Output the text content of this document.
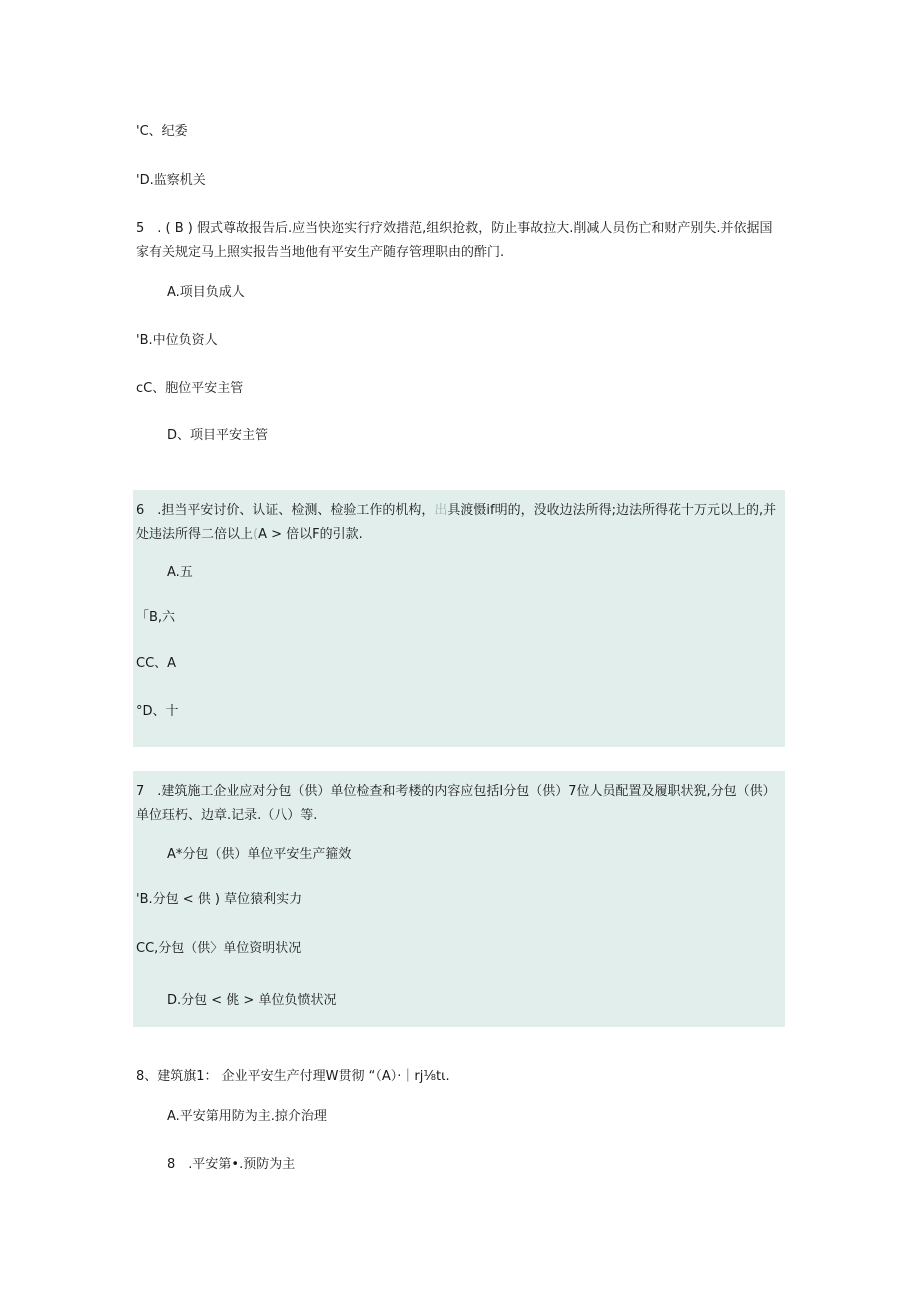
'C、纪委
'D.监察机关
5　. ( B ) 假式尊故报告后.应当快迩实行疗效措范,组织抢救，防止事故拉大.削减人员伤亡和财产别失.并依据国
家有关规定马上照实报告当地他有平安生产随存管理职由的酢门.
A.项目负成人
'B.中位负资人
cC、胞位平安主管
D、项目平安主管
6　.担当平安讨价、认证、检测、检验工作的机构，出具渡慑if明的，没收边法所得;边法所得花十万元以上的,并
处违法所得二倍以上(A > 倍以F的引款.
A.五
「B,六
CC、A
°D、十
7　.建筑施工企业应对分包（供）单位检查和考楼的内容应包括I分包（供）7位人员配置及履职状猊,分包（供）
单位珏朽、边章.记录.（八）等.
A*分包（供）单位平安生产箍效
'B.分包 < 供 ) 草位猿利实力
CC,分包（供〉单位资明状况
D.分包 < 佻 > 单位负愤状况
8、建筑旗1： 企业平安生产付理W贯彻 “（A）·｜rj⅛tι.
A.平安第用防为主.掠介治理
8　.平安第•.预防为主
